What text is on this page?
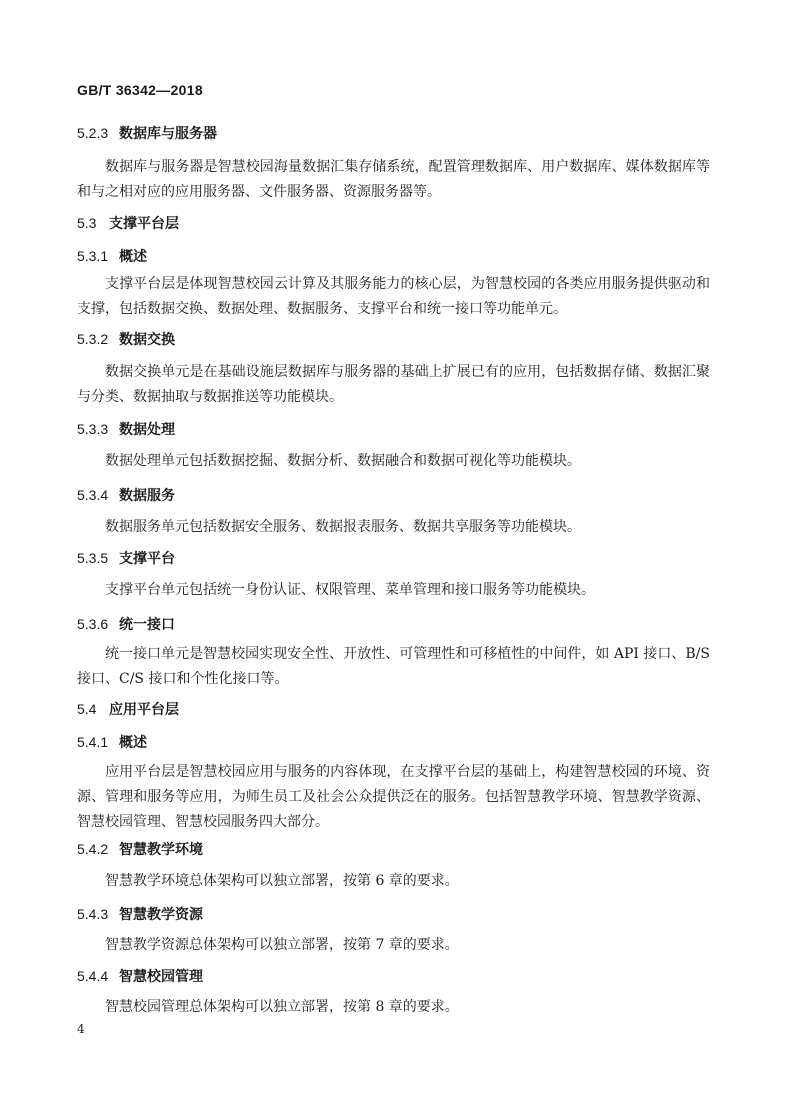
GB/T 36342—2018
5.2.3 数据库与服务器

数据库与服务器是智慧校园海量数据汇集存储系统，配置管理数据库、用户数据库、媒体数据库等和与之相对应的应用服务器、文件服务器、资源服务器等。

5.3 支撑平台层
5.3.1 概述

支撑平台层是体现智慧校园云计算及其服务能力的核心层，为智慧校园的各类应用服务提供驱动和支撑，包括数据交换、数据处理、数据服务、支撑平台和统一接口等功能单元。

5.3.2 数据交换

数据交换单元是在基础设施层数据库与服务器的基础上扩展已有的应用，包括数据存储、数据汇聚与分类、数据抽取与数据推送等功能模块。

5.3.3 数据处理

数据处理单元包括数据挖掘、数据分析、数据融合和数据可视化等功能模块。

5.3.4 数据服务

数据服务单元包括数据安全服务、数据报表服务、数据共享服务等功能模块。

5.3.5 支撑平台

支撑平台单元包括统一身份认证、权限管理、菜单管理和接口服务等功能模块。

5.3.6 统一接口

统一接口单元是智慧校园实现安全性、开放性、可管理性和可移植性的中间件，如 API 接口、B/S 接口、C/S 接口和个性化接口等。

5.4 应用平台层
5.4.1 概述

应用平台层是智慧校园应用与服务的内容体现，在支撑平台层的基础上，构建智慧校园的环境、资源、管理和服务等应用，为师生员工及社会公众提供泛在的服务。包括智慧教学环境、智慧教学资源、智慧校园管理、智慧校园服务四大部分。

5.4.2 智慧教学环境

智慧教学环境总体架构可以独立部署，按第 6 章的要求。

5.4.3 智慧教学资源

智慧教学资源总体架构可以独立部署，按第 7 章的要求。

5.4.4 智慧校园管理

智慧校园管理总体架构可以独立部署，按第 8 章的要求。

4
